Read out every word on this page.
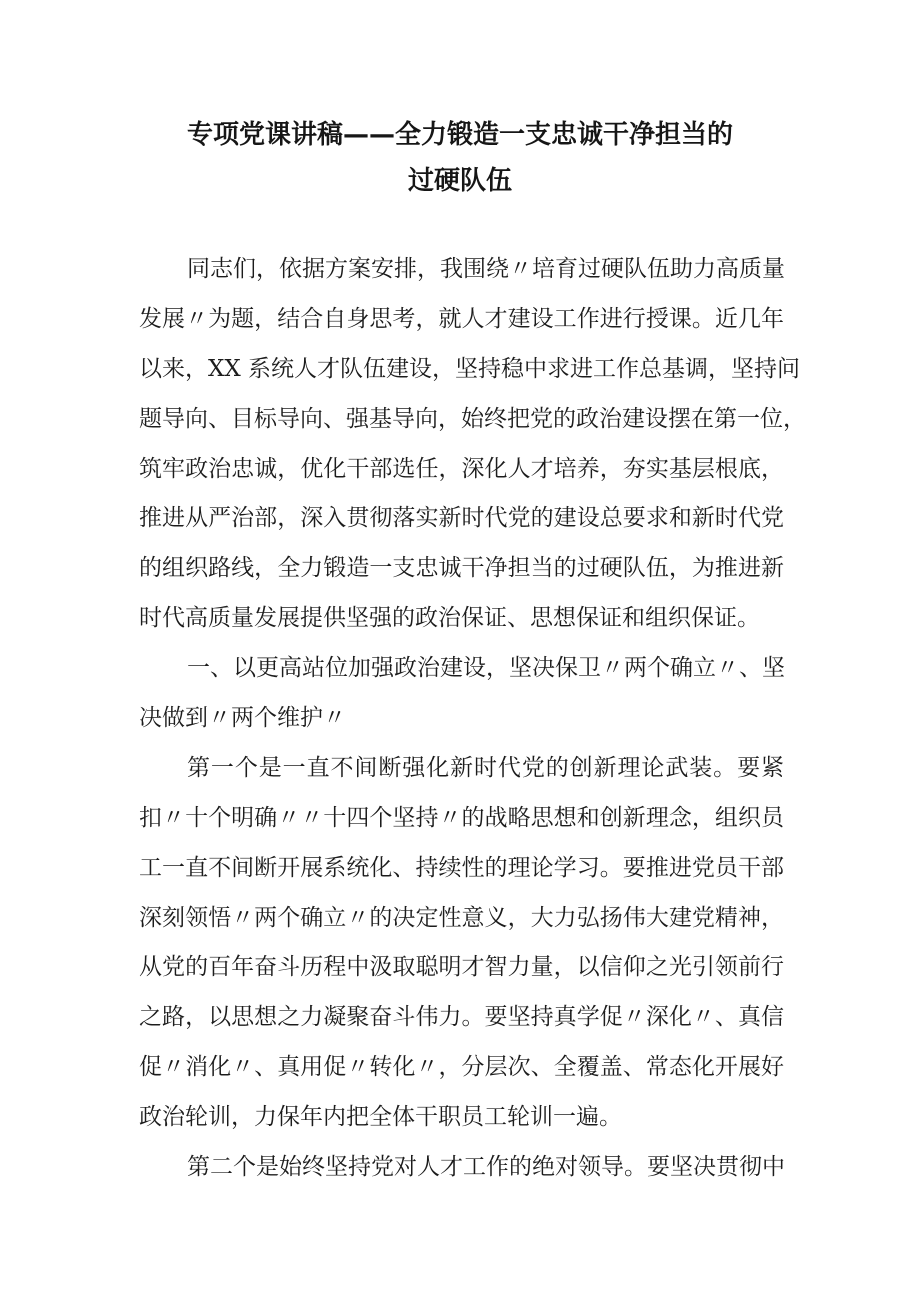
专项党课讲稿——全力锻造一支忠诚干净担当的
过硬队伍
同志们，依据方案安排，我围绕〃培育过硬队伍助力高质量
发展〃为题，结合自身思考，就人才建设工作进行授课。近几年
以来，XX 系统人才队伍建设，坚持稳中求进工作总基调，坚持问
题导向、目标导向、强基导向，始终把党的政治建设摆在第一位，
筑牢政治忠诚，优化干部选任，深化人才培养，夯实基层根底，
推进从严治部，深入贯彻落实新时代党的建设总要求和新时代党
的组织路线，全力锻造一支忠诚干净担当的过硬队伍，为推进新
时代高质量发展提供坚强的政治保证、思想保证和组织保证。
一、以更高站位加强政治建设，坚决保卫〃两个确立〃、坚
决做到〃两个维护〃
第一个是一直不间断强化新时代党的创新理论武装。要紧
扣〃十个明确〃〃十四个坚持〃的战略思想和创新理念，组织员
工一直不间断开展系统化、持续性的理论学习。要推进党员干部
深刻领悟〃两个确立〃的决定性意义，大力弘扬伟大建党精神，
从党的百年奋斗历程中汲取聪明才智力量，以信仰之光引领前行
之路，以思想之力凝聚奋斗伟力。要坚持真学促〃深化〃、真信
促〃消化〃、真用促〃转化〃，分层次、全覆盖、常态化开展好
政治轮训，力保年内把全体干职员工轮训一遍。
第二个是始终坚持党对人才工作的绝对领导。要坚决贯彻中
